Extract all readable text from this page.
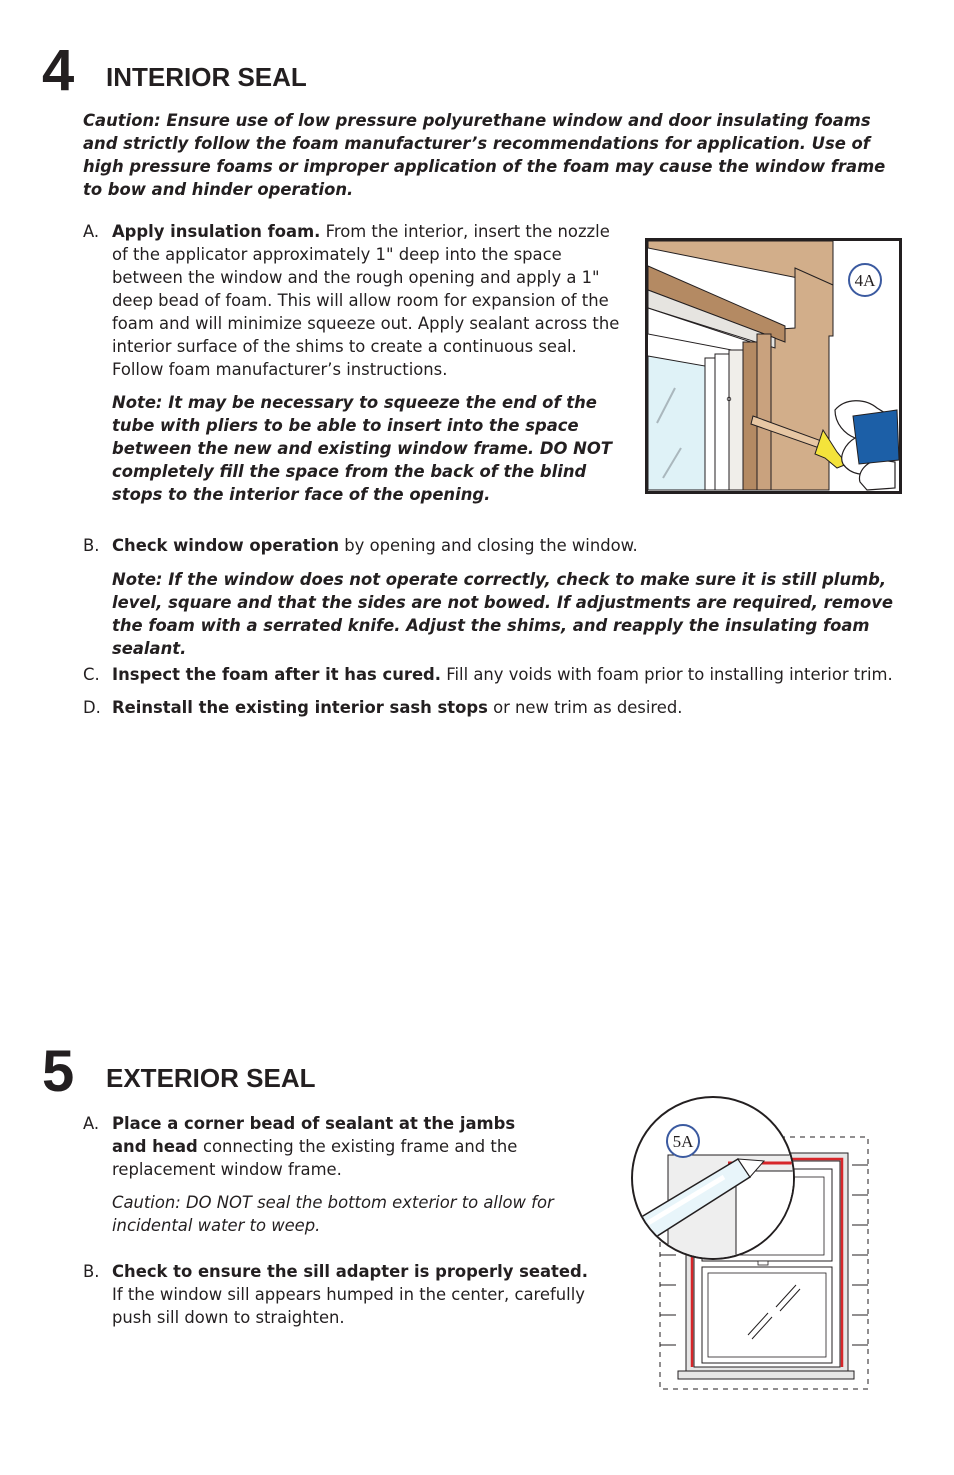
4 INTERIOR SEAL
Caution: Ensure use of low pressure polyurethane window and door insulating foams and strictly follow the foam manufacturer’s recommendations for application. Use of high pressure foams or improper application of the foam may cause the window frame to bow and hinder operation.
A. Apply insulation foam. From the interior, insert the nozzle of the applicator approximately 1" deep into the space between the window and the rough opening and apply a 1" deep bead of foam. This will allow room for expansion of the foam and will minimize squeeze out. Apply sealant across the interior surface of the shims to create a continuous seal. Follow foam manufacturer’s instructions.

Note: It may be necessary to squeeze the end of the tube with pliers to be able to insert into the space between the new and existing window frame. DO NOT completely fill the space from the back of the blind stops to the interior face of the opening.
4A
B. Check window operation by opening and closing the window.

Note: If the window does not operate correctly, check to make sure it is still plumb, level, square and that the sides are not bowed. If adjustments are required, remove the foam with a serrated knife. Adjust the shims, and reapply the insulating foam sealant.
C. Inspect the foam after it has cured. Fill any voids with foam prior to installing interior trim.

D. Reinstall the existing interior sash stops or new trim as desired.

5 EXTERIOR SEAL
A. Place a corner bead of sealant at the jambs and head connecting the existing frame and the replacement window frame.

Caution: DO NOT seal the bottom exterior to allow for incidental water to weep.
B. Check to ensure the sill adapter is properly seated. If the window sill appears humped in the center, carefully push sill down to straighten.

5A
